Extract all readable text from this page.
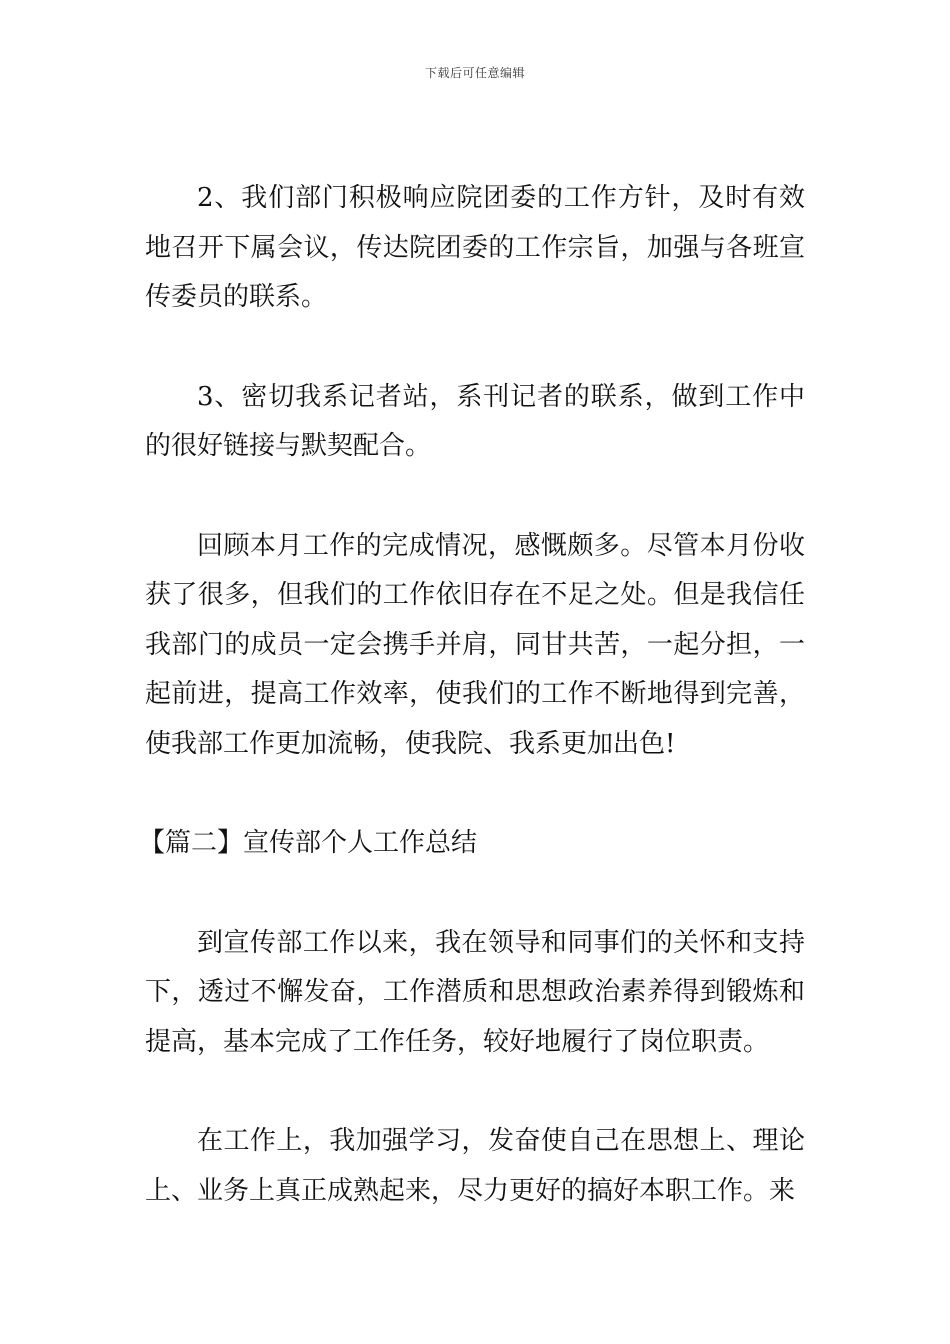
下载后可任意编辑

2、我们部门积极响应院团委的工作方针，及时有效地召开下属会议，传达院团委的工作宗旨，加强与各班宣传委员的联系。

3、密切我系记者站，系刊记者的联系，做到工作中的很好链接与默契配合。

回顾本月工作的完成情况，感慨颇多。尽管本月份收获了很多，但我们的工作依旧存在不足之处。但是我信任我部门的成员一定会携手并肩，同甘共苦，一起分担，一起前进，提高工作效率，使我们的工作不断地得到完善，使我部工作更加流畅，使我院、我系更加出色!

【篇二】宣传部个人工作总结

到宣传部工作以来，我在领导和同事们的关怀和支持下，透过不懈发奋，工作潜质和思想政治素养得到锻炼和提高，基本完成了工作任务，较好地履行了岗位职责。

在工作上，我加强学习，发奋使自己在思想上、理论上、业务上真正成熟起来，尽力更好的搞好本职工作。来
